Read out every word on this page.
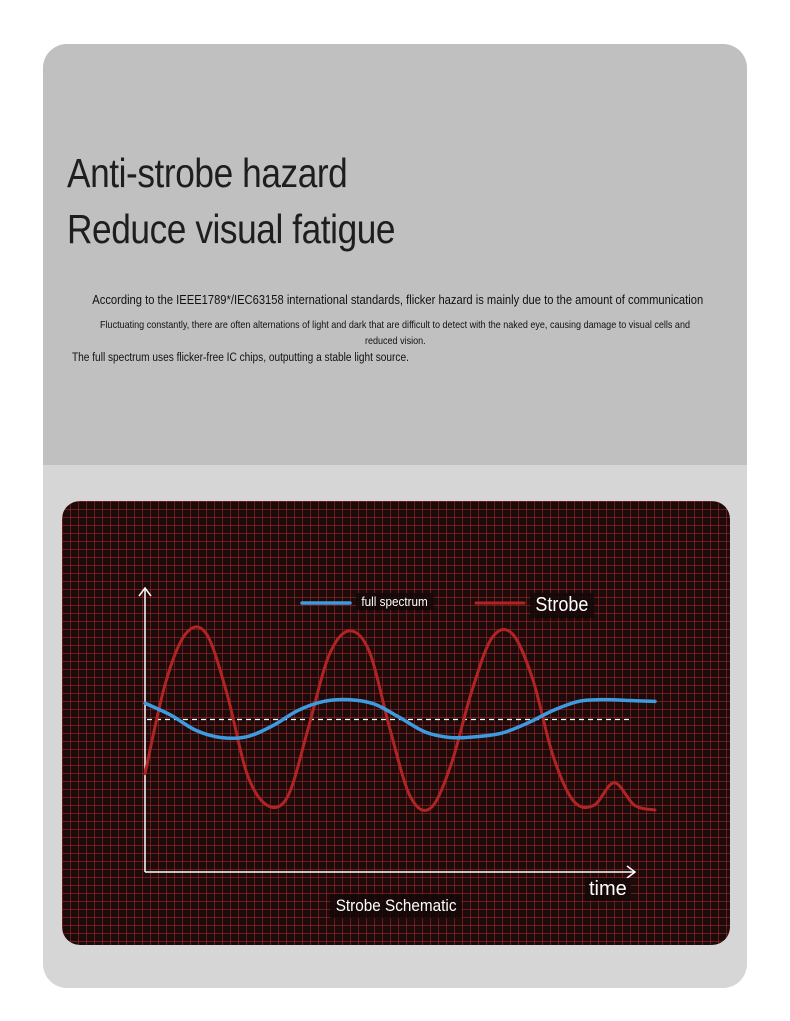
Anti-strobe hazard
Reduce visual fatigue

According to the IEEE1789*/IEC63158 international standards, flicker hazard is mainly due to the amount of communication

Fluctuating constantly, there are often alternations of light and dark that are difficult to detect with the naked eye, causing damage to visual cells and
reduced vision.

The full spectrum uses flicker-free IC chips, outputting a stable light source.

full spectrum	Strobe
time
Strobe Schematic
